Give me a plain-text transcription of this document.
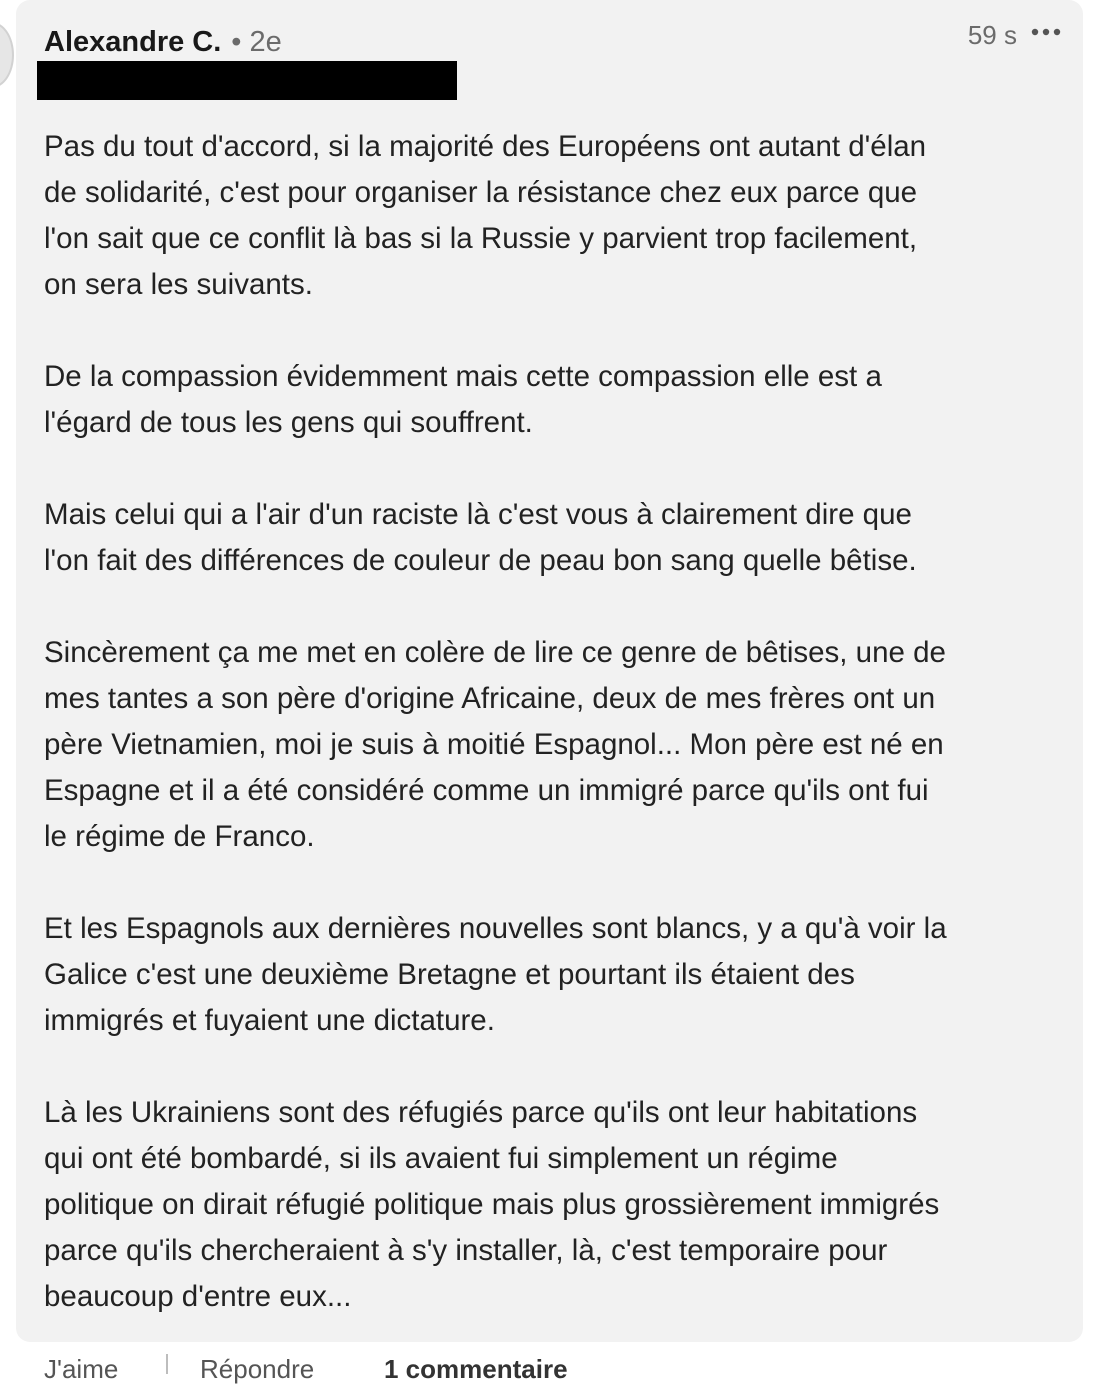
Alexandre C. • 2e	59 s

Pas du tout d'accord, si la majorité des Européens ont autant d'élan
de solidarité, c'est pour organiser la résistance chez eux parce que
l'on sait que ce conflit là bas si la Russie y parvient trop facilement,
on sera les suivants.

De la compassion évidemment mais cette compassion elle est a
l'égard de tous les gens qui souffrent.

Mais celui qui a l'air d'un raciste là c'est vous à clairement dire que
l'on fait des différences de couleur de peau bon sang quelle bêtise.

Sincèrement ça me met en colère de lire ce genre de bêtises, une de
mes tantes a son père d'origine Africaine, deux de mes frères ont un
père Vietnamien, moi je suis à moitié Espagnol... Mon père est né en
Espagne et il a été considéré comme un immigré parce qu'ils ont fui
le régime de Franco.

Et les Espagnols aux dernières nouvelles sont blancs, y a qu'à voir la
Galice c'est une deuxième Bretagne et pourtant ils étaient des
immigrés et fuyaient une dictature.

Là les Ukrainiens sont des réfugiés parce qu'ils ont leur habitations
qui ont été bombardé, si ils avaient fui simplement un régime
politique on dirait réfugié politique mais plus grossièrement immigrés
parce qu'ils chercheraient à s'y installer, là, c'est temporaire pour
beaucoup d'entre eux...

J'aime	Répondre	1 commentaire
